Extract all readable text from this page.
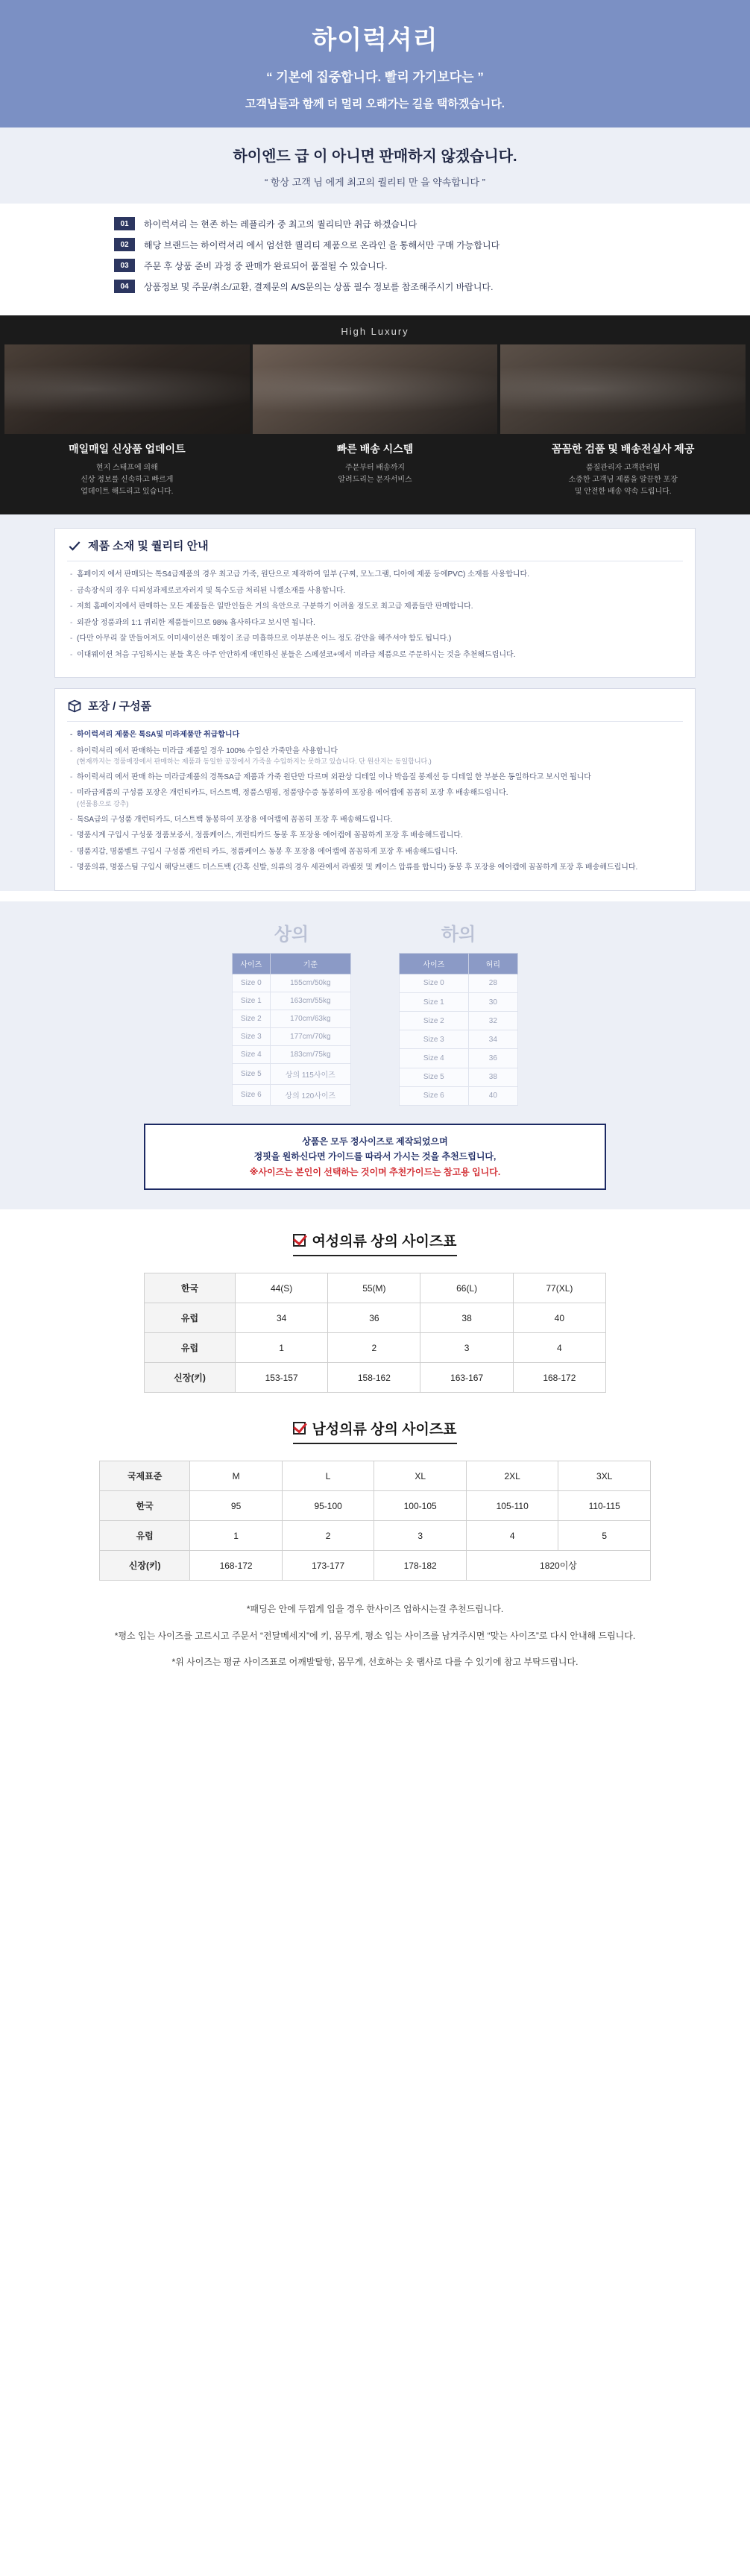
하이럭셔리
“ 기본에 집중합니다. 빨리 가기보다는 ”
고객님들과 함께 더 멀리 오래가는 길을 택하겠습니다.
하이엔드 급 이 아니면 판매하지 않겠습니다.
“ 항상 고객 님 에게 최고의 퀄리티 만 을 약속합니다 ”
01	하이럭셔리 는 현존 하는 레플리카 중 최고의 퀄리티만 취급 하겠습니다
02	해당 브랜드는 하이럭셔리 에서 엄선한 퀄리티 제품으로 온라인 을 통해서만 구매 가능합니다
03	주문 후 상품 준비 과정 중 판매가 완료되어 품절될 수 있습니다.
04	상품정보 및 주문/취소/교환, 결제문의 A/S문의는 상품 필수 정보를 참조해주시기 바랍니다.
High Luxury
매일매일 신상품 업데이트
현지 스태프에 의해
신상 정보를 신속하고 빠르게
업데이트 해드리고 있습니다.
빠른 배송 시스템
주문부터 배송까지
알려드리는 문자서비스
꼼꼼한 검품 및 배송전실사 제공
품질관리자 고객관리팀
소중한 고객님 제품을 알끔한 포장
및 안전한 배송 약속 드립니다.
제품 소재 및 퀄리티 안내
- 홈페이지 에서 판매되는 톡S4급제품의 경우 최고급 가죽, 원단으로 제작하여 일부 (구찌, 모노그램, 디아에 제품 등에PVC) 소재를 사용합니다.
- 금속장식의 경우 디피성과제로코자러지 및 톡수도금 처리된 니켈소재를 사용합니다.
- 저희 홈페이지에서 판매하는 모든 제품들은 일반인들은 거의 육안으로 구분하기 어려울 정도로 최고급 제품들만 판매합니다.
- 외관상 정품과의 1:1 퀴리한 제품들이므로 98% 흡사하다고 보시면 됩니다.
- (다만 아무리 잘 만들어져도 이미새이선은 매칭이 조금 미흡하므로 이부분은 어느 정도 감안을 해주셔야 함도 됩니다.)
- 이대웨이션 처음 구입하시는 분들 혹은 아주 안안하게 애민하신 분들은 스페셜코+에서 미라급 제품으로 주문하시는 것을 추천해드립니다.
포장 / 구성품
- 하이럭셔리 제품은 톡SA및 미라제품만 취급합니다
- 하이럭셔리 에서 판매하는 미라급 제품일 경우 100% 수입산 가죽만을 사용합니다
(현재까지는 정품매장에서 판매하는 제품과 동일한 공장에서 가죽을 수입하지는 못하고 있습니다. 단 원산지는 동일합니다.)
- 하이럭셔리 에서 판매 하는 미라급제품의 경톡SA급 제품과 가죽 원단만 다르며 외관상 디테일 이나 박음질 봉제선 등 디테일 한 부분은 동일하다고 보시면 됩니다
- 미라급제품의 구성품 포장은 개런티카드, 더스트백, 정품스탬핑, 정품양수증 동봉하여 포장용 에어캡에 꼼꼼히 포장 후 배송해드립니다.
(선물용으로 강추)
- 톡SA급의 구성품 개런티카드, 더스트백 동봉하여 포장용 에어캡에 꼼꼼히 포장 후 배송해드립니다.
- 명품시계 구입시 구성품 정품보증서, 정품케이스, 개런티카드 동봉 후 포장용 에어캡에 꼼꼼하게 포장 후 배송해드립니다.
- 명품지갑, 명품벨트 구입시 구성품 개런티 카드, 정품케이스 동봉 후 포장용 에어캡에 꼼꼼하게 포장 후 배송해드립니다.
- 명품의류, 명품스팀 구입시 해당브랜드 더스트백 (간혹 신발, 의류의 경우 세관에서 라벨컷 및 케이스 압류를 합니다) 동봉 후 포장용 에어캡에 꼼꼼하게 포장 후 배송해드립니다.
상의	하의
사이즈	기준
Size 0	155cm/50kg
Size 1	163cm/55kg
Size 2	170cm/63kg
Size 3	177cm/70kg
Size 4	183cm/75kg
Size 5	상의 115사이즈
Size 6	상의 120사이즈
사이즈	허리
Size 0	28
Size 1	30
Size 2	32
Size 3	34
Size 4	36
Size 5	38
Size 6	40
상품은 모두 정사이즈로 제작되었으며
정핏을 원하신다면 가이드를 따라서 가시는 것을 추천드립니다,
※사이즈는 본인이 선택하는 것이며 추천가이드는 참고용 입니다.
여성의류 상의 사이즈표
한국	44(S)	55(M)	66(L)	77(XL)
유럽	34	36	38	40
유럽	1	2	3	4
신장(키)	153-157	158-162	163-167	168-172
남성의류 상의 사이즈표
국제표준	M	L	XL	2XL	3XL
한국	95	95-100	100-105	105-110	110-115
유럽	1	2	3	4	5
신장(키)	168-172	173-177	178-182	1820이상	

*패딩은 안에 두껍게 입을 경우 한사이즈 업하시는걸 추천드립니다.

*평소 입는 사이즈를 고르시고 주문서 “전달메세지”에 키, 몸무게, 평소 입는 사이즈를 남겨주시면 “맞는 사이즈”로 다시 안내해 드립니다.

*위 사이즈는 평균 사이즈표로 어깨발탈항, 몸무게, 선호하는 옷 랩사로 다를 수 있기에 참고 부탁드립니다.
